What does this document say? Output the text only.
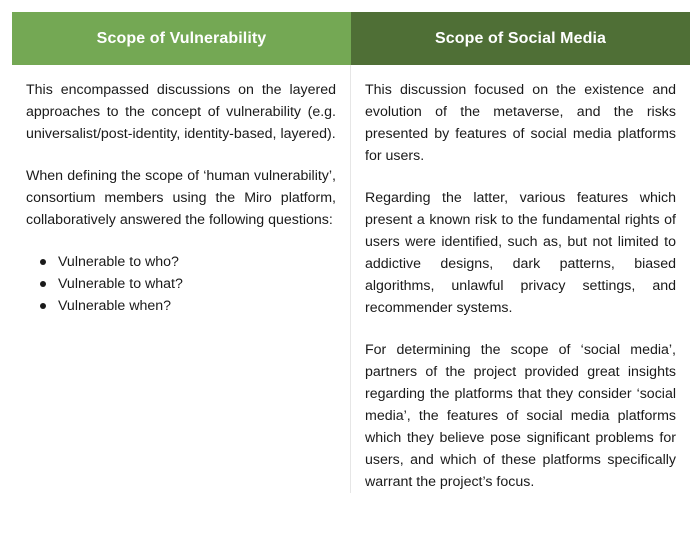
Scope of Vulnerability	Scope of Social Media

This encompassed discussions on the layered approaches to the concept of vulnerability (e.g. universalist/post-identity, identity-based, layered).

When defining the scope of ‘human vulnerability’, consortium members using the Miro platform, collaboratively answered the following questions:

Vulnerable to who?
Vulnerable to what?
Vulnerable when?

This discussion focused on the existence and evolution of the metaverse, and the risks presented by features of social media platforms for users.

Regarding the latter, various features which present a known risk to the fundamental rights of users were identified, such as, but not limited to addictive designs, dark patterns, biased algorithms, unlawful privacy settings, and recommender systems.

For determining the scope of ‘social media’, partners of the project provided great insights regarding the platforms that they consider ‘social media’, the features of social media platforms which they believe pose significant problems for users, and which of these platforms specifically warrant the project’s focus.
